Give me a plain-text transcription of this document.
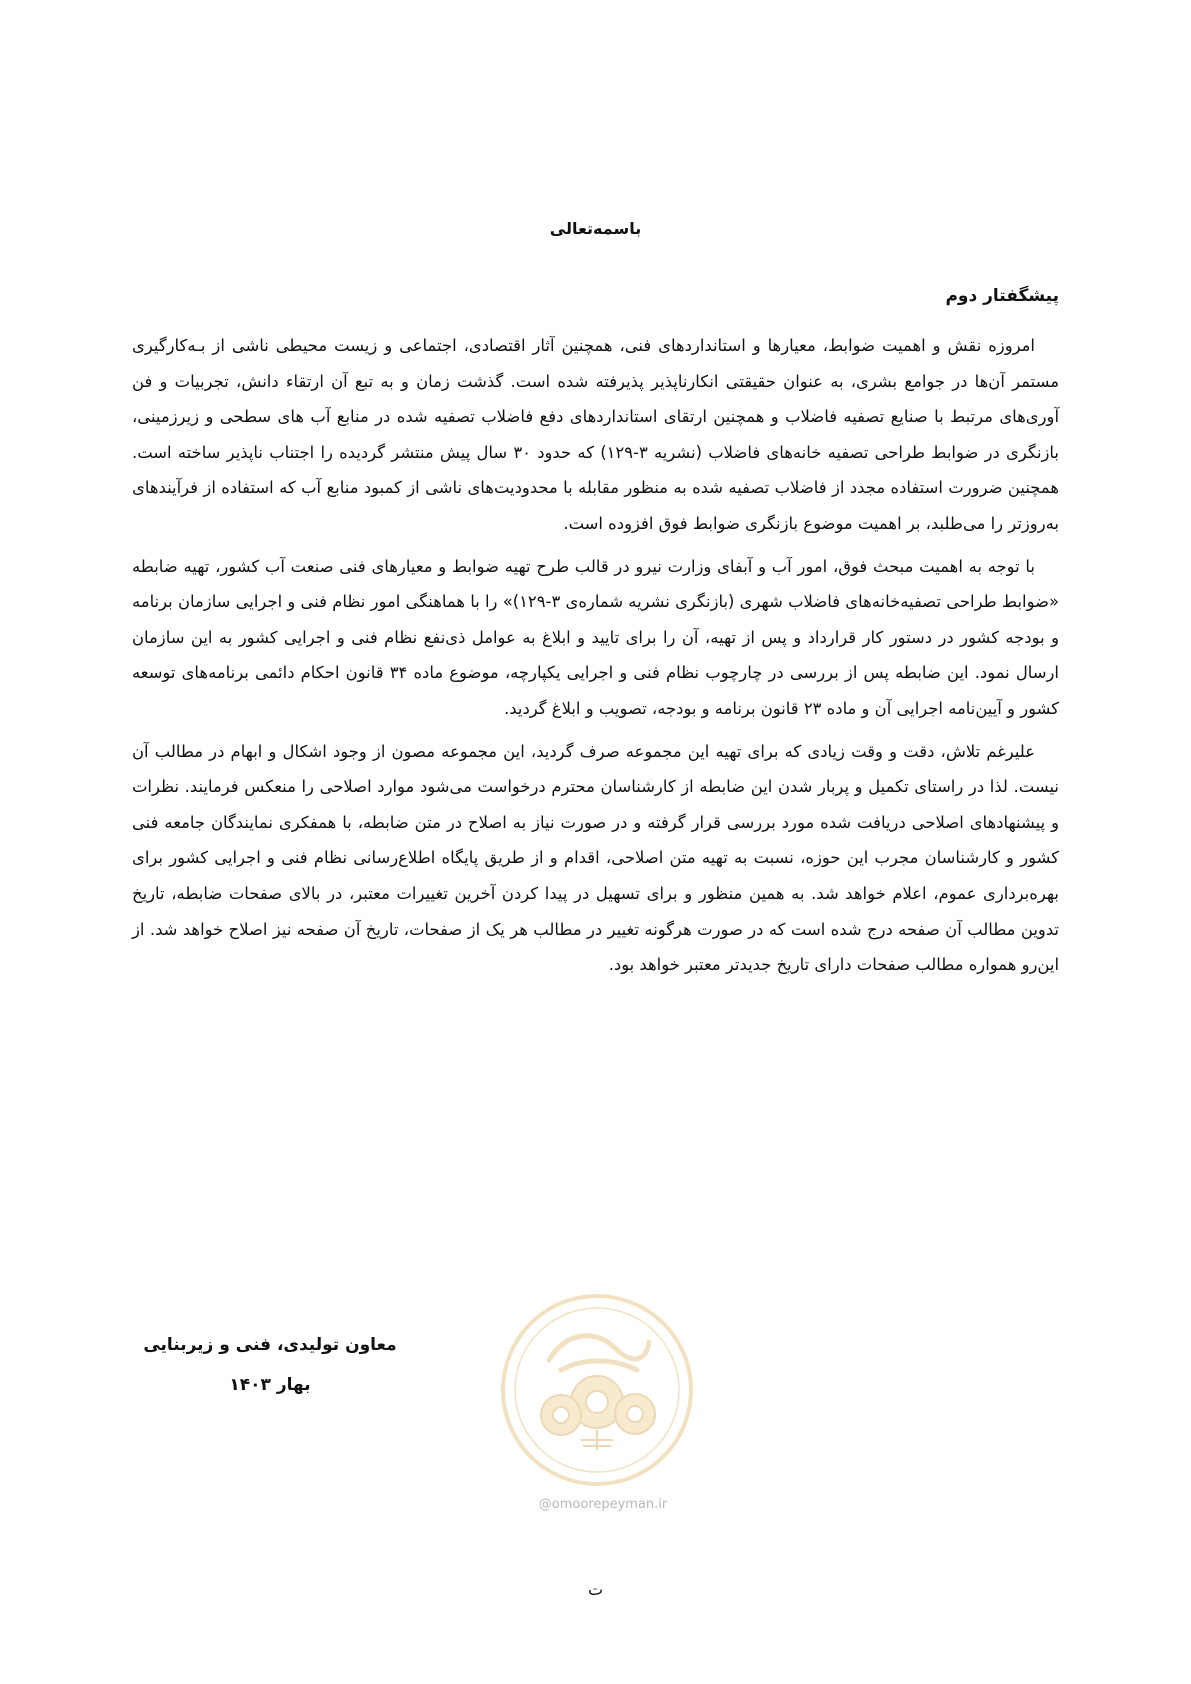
باسمه‌تعالی
پیشگفتار دوم

امروزه نقش و اهمیت ضوابط، معیارها و استانداردهای فنی، همچنین آثار اقتصادی، اجتماعی و زیست محیطی ناشی از بـه‌کارگیری مستمر آن‌ها در جوامع بشری، به عنوان حقیقتی انکارناپذیر پذیرفته شده است. گذشت زمان و به تبع آن ارتقاء دانش، تجربیات و فن آوری‌های مرتبط با صنایع تصفیه فاضلاب و همچنین ارتقای استانداردهای دفع فاضلاب تصفیه شده در منابع آب های سطحی و زیرزمینی، بازنگری در ضوابط طراحی تصفیه خانه‌های فاضلاب (نشریه ۳-۱۲۹) که حدود ۳۰ سال پیش منتشر گردیده را اجتناب ناپذیر ساخته است. همچنین ضرورت استفاده مجدد از فاضلاب تصفیه شده به منظور مقابله با محدودیت‌های ناشی از کمبود منابع آب که استفاده از فرآیندهای به‌روزتر را می‌طلبد، بر اهمیت موضوع بازنگری ضوابط فوق افزوده است.

با توجه به اهمیت مبحث فوق، امور آب و آبفای وزارت نیرو در قالب طرح تهیه ضوابط و معیارهای فنی صنعت آب کشور، تهیه ضابطه «ضوابط طراحی تصفیه‌خانه‌های فاضلاب شهری (بازنگری نشریه شماره‌ی ۳-۱۲۹)» را با هماهنگی امور نظام فنی و اجرایی سازمان برنامه و بودجه کشور در دستور کار قرارداد و پس از تهیه، آن را برای تایید و ابلاغ به عوامل ذی‌نفع نظام فنی و اجرایی کشور به این سازمان ارسال نمود. این ضابطه پس از بررسی در چارچوب نظام فنی و اجرایی یکپارچه، موضوع ماده ۳۴ قانون احکام دائمی برنامه‌های توسعه کشور و آیین‌نامه اجرایی آن و ماده ۲۳ قانون برنامه و بودجه، تصویب و ابلاغ گردید.

علیرغم تلاش، دقت و وقت زیادی که برای تهیه این مجموعه صرف گردید، این مجموعه مصون از وجود اشکال و ابهام در مطالب آن نیست. لذا در راستای تکمیل و پربار شدن این ضابطه از کارشناسان محترم درخواست می‌شود موارد اصلاحی را منعکس فرمایند. نظرات و پیشنهادهای اصلاحی دریافت شده مورد بررسی قرار گرفته و در صورت نیاز به اصلاح در متن ضابطه، با همفکری نمایندگان جامعه فنی کشور و کارشناسان مجرب این حوزه، نسبت به تهیه متن اصلاحی، اقدام و از طریق پایگاه اطلاع‌رسانی نظام فنی و اجرایی کشور برای بهره‌برداری عموم، اعلام خواهد شد. به همین منظور و برای تسهیل در پیدا کردن آخرین تغییرات معتبر، در بالای صفحات ضابطه، تاریخ تدوین مطالب آن صفحه درج شده است که در صورت هرگونه تغییر در مطالب هر یک از صفحات، تاریخ آن صفحه نیز اصلاح خواهد شد. از این‌رو همواره مطالب صفحات دارای تاریخ جدیدتر معتبر خواهد بود.

معاون تولیدی، فنی و زیربنایی
بهار ۱۴۰۳
@omoorepeyman.ir
ت
